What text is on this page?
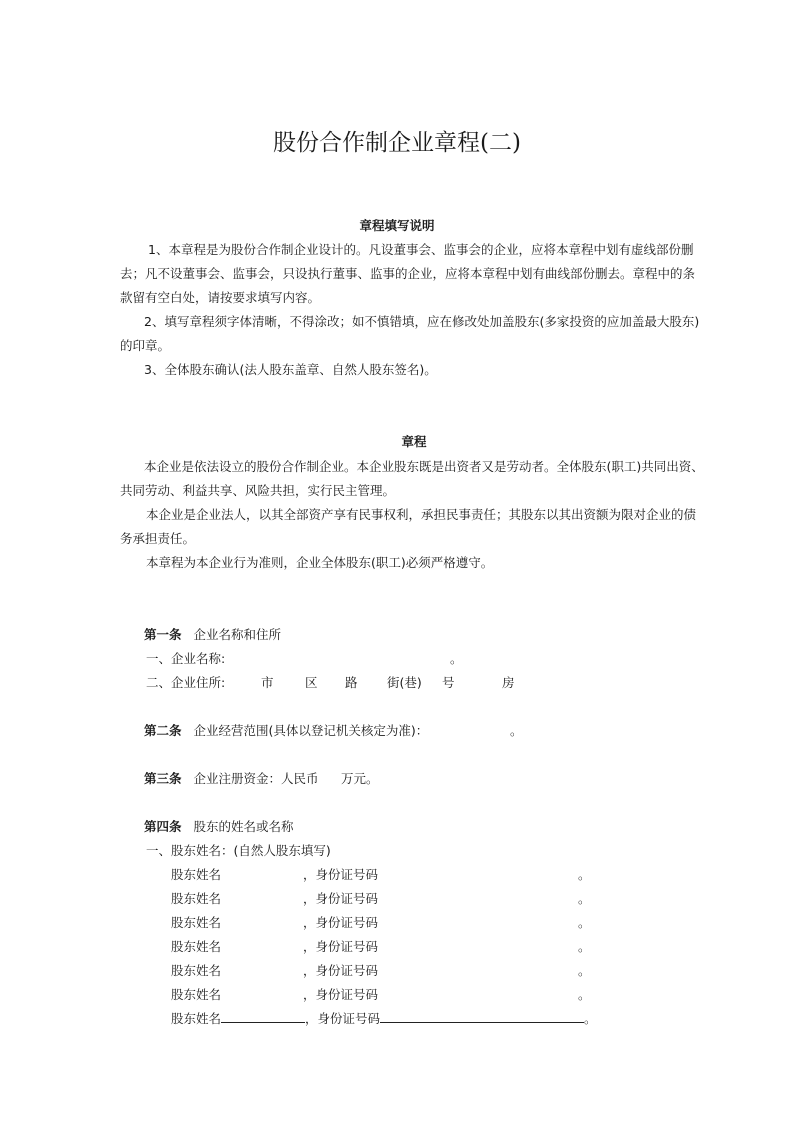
股份合作制企业章程(二)
章程填写说明
1、本章程是为股份合作制企业设计的。凡设董事会、监事会的企业，应将本章程中划有虚线部份删
去；凡不设董事会、监事会，只设执行董事、监事的企业，应将本章程中划有曲线部份删去。章程中的条
款留有空白处，请按要求填写内容。
2、填写章程须字体清晰，不得涂改；如不慎错填，应在修改处加盖股东(多家投资的应加盖最大股东)
的印章。
3、全体股东确认(法人股东盖章、自然人股东签名)。
章程
本企业是依法设立的股份合作制企业。本企业股东既是出资者又是劳动者。全体股东(职工)共同出资、
共同劳动、利益共享、风险共担，实行民主管理。
本企业是企业法人，以其全部资产享有民事权利，承担民事责任；其股东以其出资额为限对企业的债
务承担责任。
本章程为本企业行为准则，企业全体股东(职工)必须严格遵守。
第一条 企业名称和住所
一、企业名称:	。
二、企业住所:	市	区 路 街(巷) 号	房
第二条 企业经营范围(具体以登记机关核定为准)：	。
第三条 企业注册资金：人民币 万元。
第四条 股东的姓名或名称
一、股东姓名：(自然人股东填写)
股东姓名	，身份证号码	。
股东姓名	，身份证号码	。
股东姓名	，身份证号码	。
股东姓名	，身份证号码	。
股东姓名	，身份证号码	。
股东姓名	，身份证号码	。
股东姓名	，身份证号码	。
